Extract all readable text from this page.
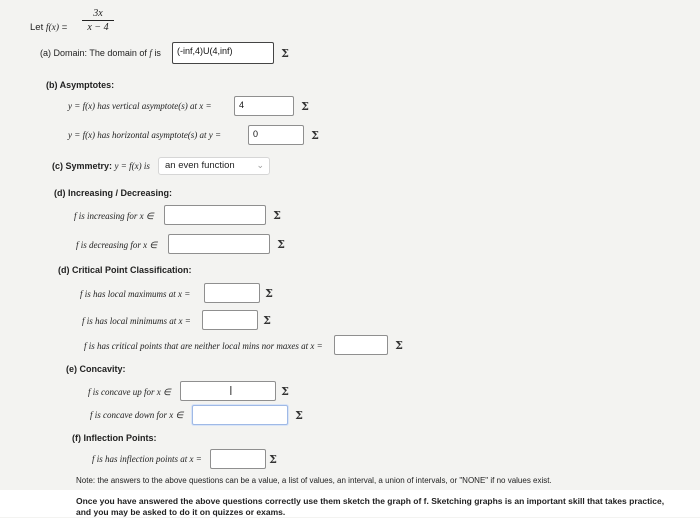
Let $f(x) = \frac{3x}{x - 4}$
(a) Domain: The domain of f is	(-inf,4)U(4,inf)	Σ
(b) Asymptotes:
y = f(x) has vertical asymptote(s) at x =	4	Σ
y = f(x) has horizontal asymptote(s) at y =	0	Σ
(c) Symmetry: y = f(x) is	an even function ⌄
(d) Increasing / Decreasing:
f is increasing for x ∈	Σ
f is decreasing for x ∈	Σ
(d) Critical Point Classification:
f is has local maximums at x =	Σ
f is has local minimums at x =	Σ
f is has critical points that are neither local mins nor maxes at x =	Σ
(e) Concavity:
f is concave up for x ∈	I	Σ
f is concave down for x ∈	Σ
(f) Inflection Points:
f is has inflection points at x =	Σ
Note: the answers to the above questions can be a value, a list of values, an interval, a union of intervals, or "NONE" if no values exist.
Once you have answered the above questions correctly use them sketch the graph of f. Sketching graphs is an important skill that takes practice, and you may be asked to do it on quizzes or exams.
